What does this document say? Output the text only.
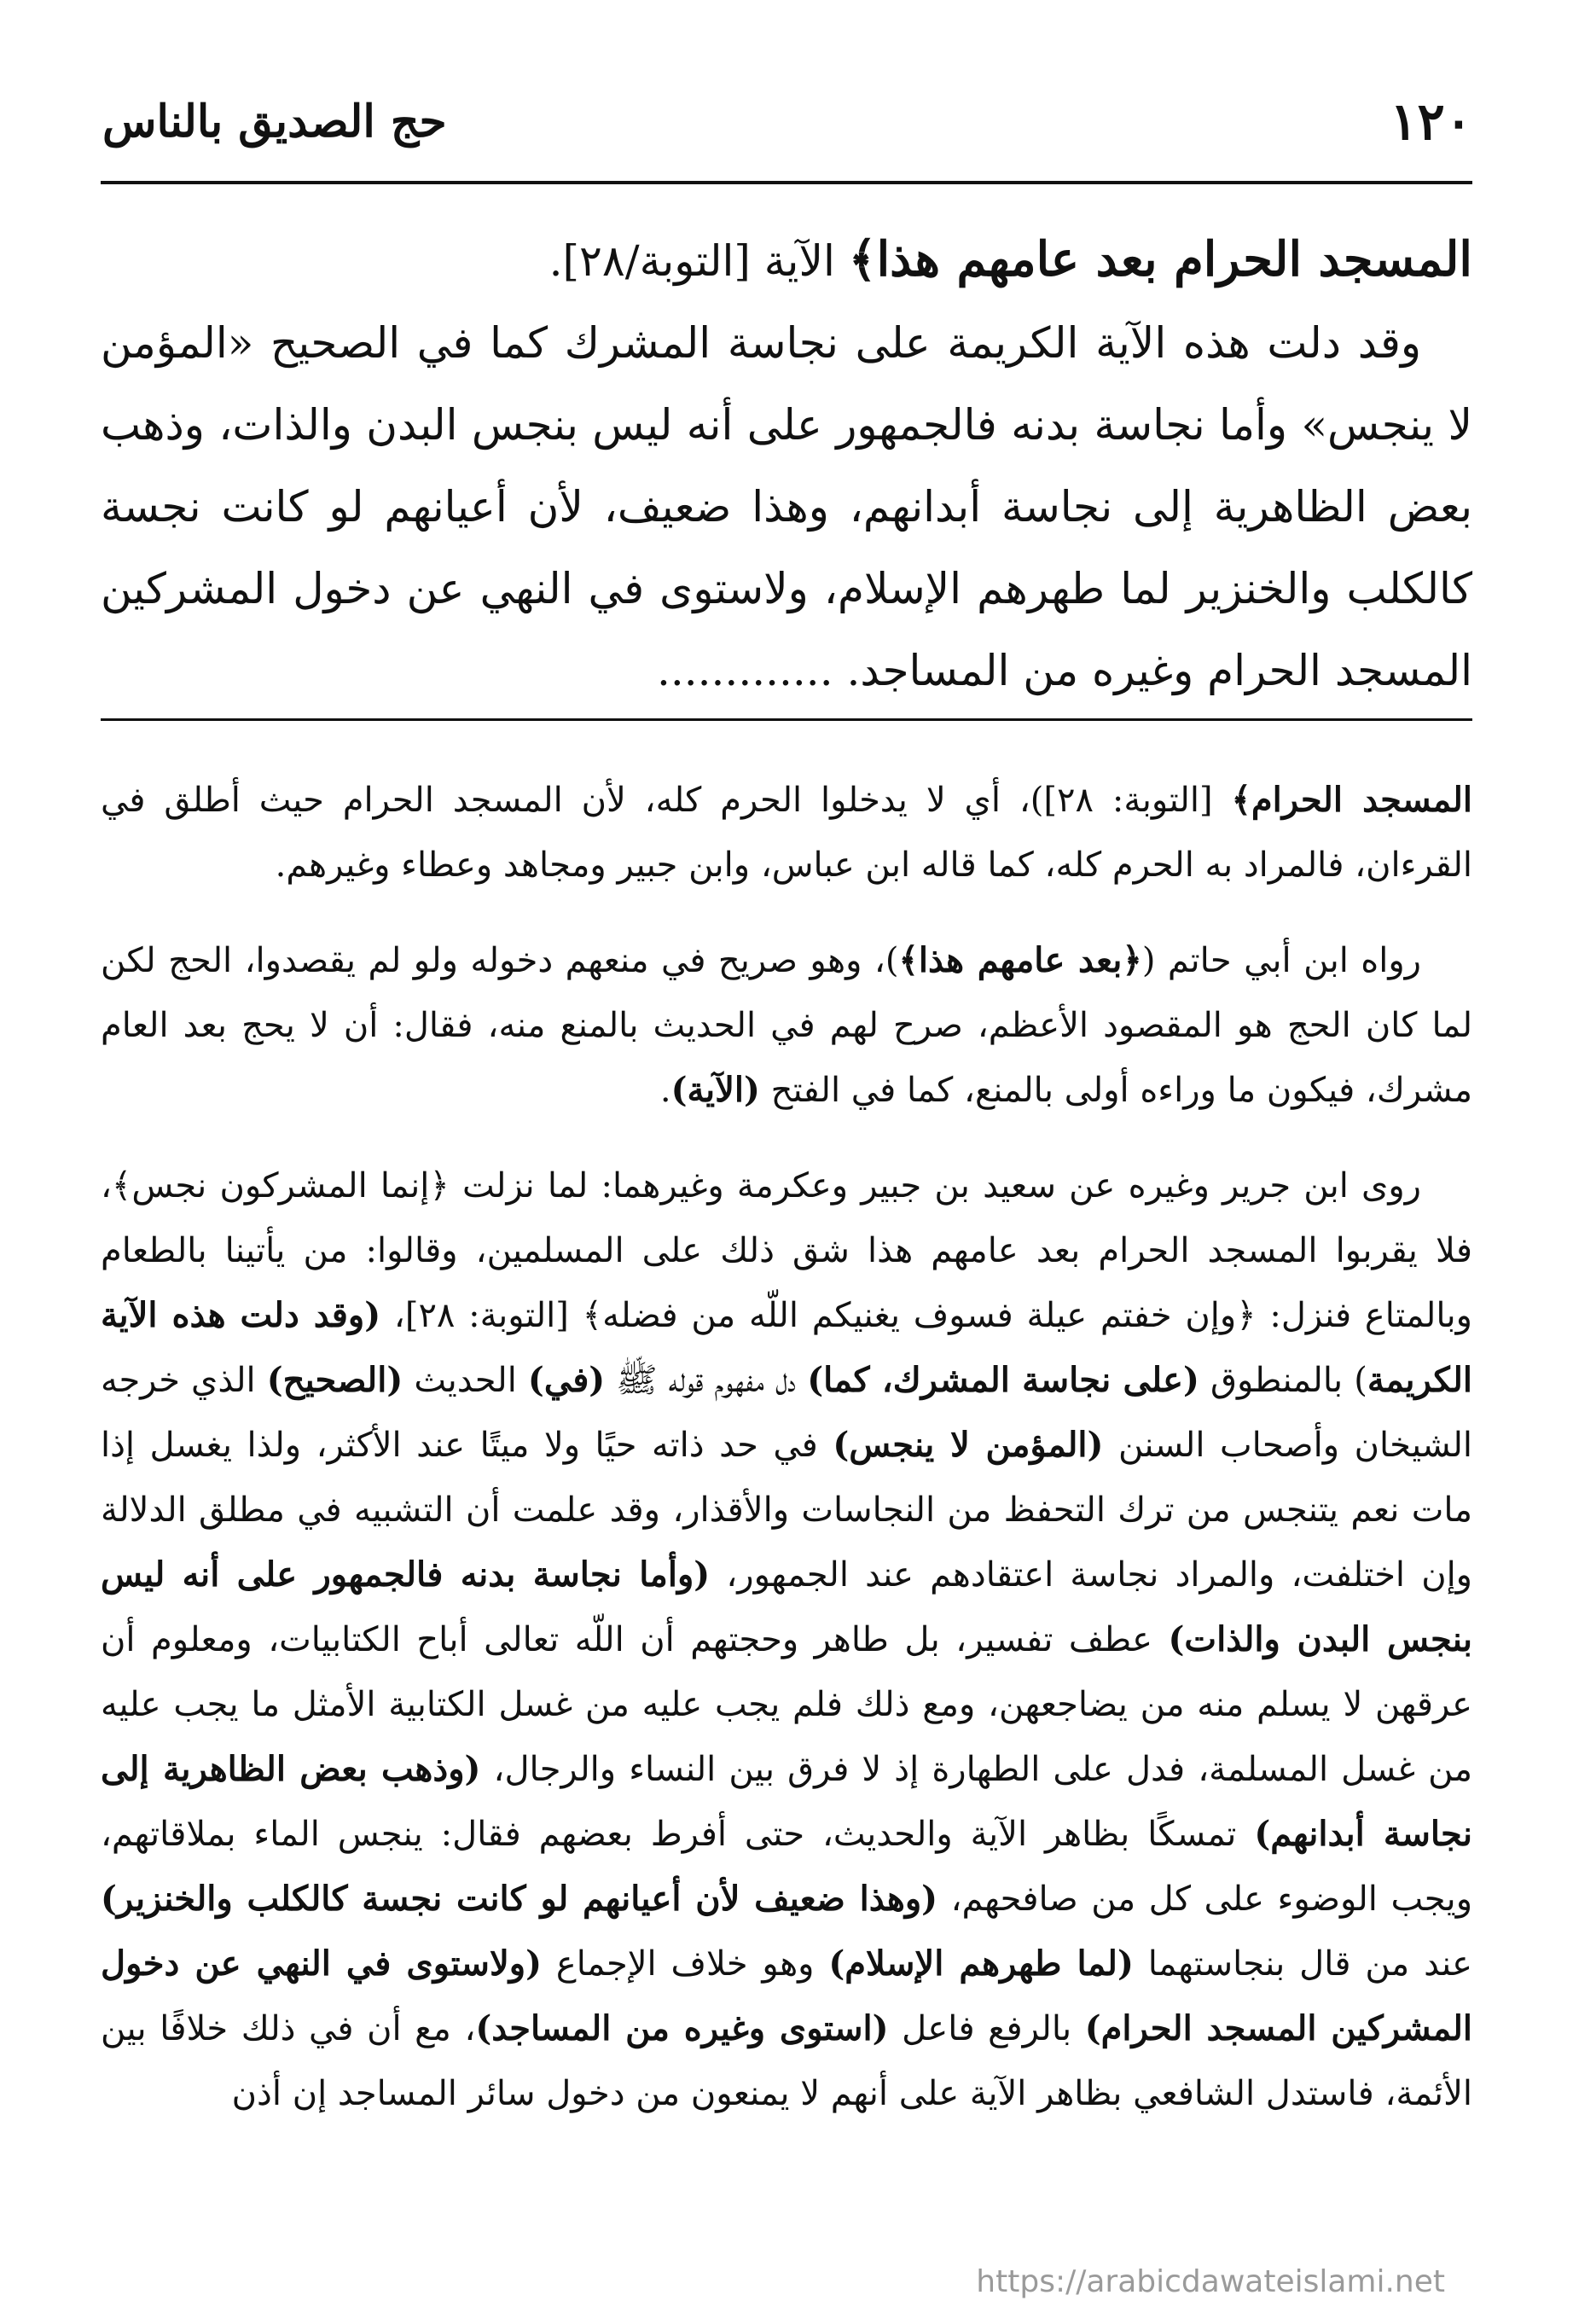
١٢٠
حج الصديق بالناس

المسجد الحرام بعد عامهم هذا﴾ الآية [التوبة/٢٨].

وقد دلت هذه الآية الكريمة على نجاسة المشرك كما في الصحيح «المؤمن لا ينجس» وأما نجاسة بدنه فالجمهور على أنه ليس بنجس البدن والذات، وذهب بعض الظاهرية إلى نجاسة أبدانهم، وهذا ضعيف، لأن أعيانهم لو كانت نجسة كالكلب والخنزير لما طهرهم الإسلام، ولاستوى في النهي عن دخول المشركين المسجد الحرام وغيره من المساجد. .............

المسجد الحرام﴾ [التوبة: ٢٨])، أي لا يدخلوا الحرم كله، لأن المسجد الحرام حيث أطلق في القرءان، فالمراد به الحرم كله، كما قاله ابن عباس، وابن جبير ومجاهد وعطاء وغيرهم.

رواه ابن أبي حاتم (﴿بعد عامهم هذا﴾)، وهو صريح في منعهم دخوله ولو لم يقصدوا، الحج لكن لما كان الحج هو المقصود الأعظم، صرح لهم في الحديث بالمنع منه، فقال: أن لا يحج بعد العام مشرك، فيكون ما وراءه أولى بالمنع، كما في الفتح (الآية).

روى ابن جرير وغيره عن سعيد بن جبير وعكرمة وغيرهما: لما نزلت ﴿إنما المشركون نجس﴾، فلا يقربوا المسجد الحرام بعد عامهم هذا شق ذلك على المسلمين، وقالوا: من يأتينا بالطعام وبالمتاع فنزل: ﴿وإن خفتم عيلة فسوف يغنيكم اللّه من فضله﴾ [التوبة: ٢٨]، (وقد دلت هذه الآية الكريمة) بالمنطوق (على نجاسة المشرك، كما) دل مفهوم قوله ﷺ (في) الحديث (الصحيح) الذي خرجه الشيخان وأصحاب السنن (المؤمن لا ينجس) في حد ذاته حيًا ولا ميتًا عند الأكثر، ولذا يغسل إذا مات نعم يتنجس من ترك التحفظ من النجاسات والأقذار، وقد علمت أن التشبيه في مطلق الدلالة وإن اختلفت، والمراد نجاسة اعتقادهم عند الجمهور، (وأما نجاسة بدنه فالجمهور على أنه ليس بنجس البدن والذات) عطف تفسير، بل طاهر وحجتهم أن اللّه تعالى أباح الكتابيات، ومعلوم أن عرقهن لا يسلم منه من يضاجعهن، ومع ذلك فلم يجب عليه من غسل الكتابية الأمثل ما يجب عليه من غسل المسلمة، فدل على الطهارة إذ لا فرق بين النساء والرجال، (وذهب بعض الظاهرية إلى نجاسة أبدانهم) تمسكًا بظاهر الآية والحديث، حتى أفرط بعضهم فقال: ينجس الماء بملاقاتهم، ويجب الوضوء على كل من صافحهم، (وهذا ضعيف لأن أعيانهم لو كانت نجسة كالكلب والخنزير) عند من قال بنجاستهما (لما طهرهم الإسلام) وهو خلاف الإجماع (ولاستوى في النهي عن دخول المشركين المسجد الحرام) بالرفع فاعل (استوى وغيره من المساجد)، مع أن في ذلك خلافًا بين الأئمة، فاستدل الشافعي بظاهر الآية على أنهم لا يمنعون من دخول سائر المساجد إن أذن

https://arabicdawateislami.net
